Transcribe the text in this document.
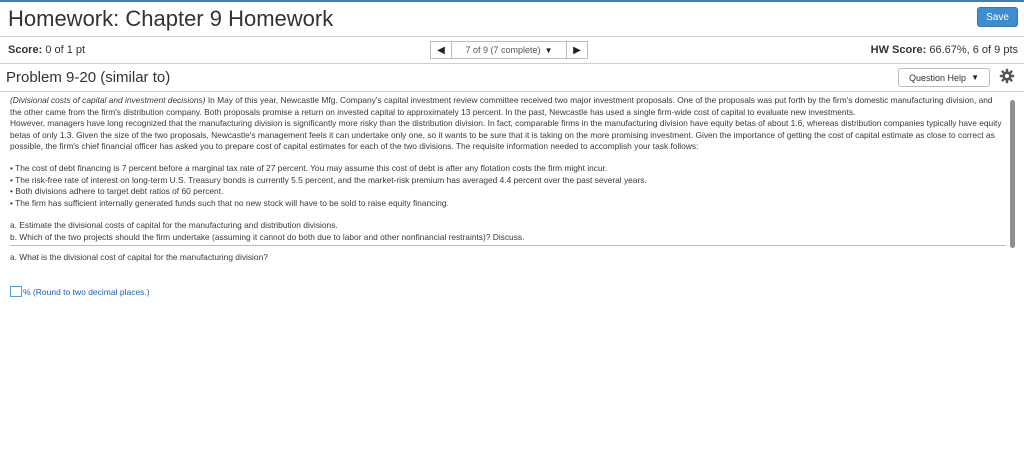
Homework: Chapter 9 Homework	Save
Score: 0 of 1 pt	◀ 7 of 9 (7 complete) ▼ ▶	HW Score: 66.67%, 6 of 9 pts
Problem 9-20 (similar to)	Question Help ▼

(Divisional costs of capital and investment decisions) In May of this year, Newcastle Mfg. Company's capital investment review committee received two major investment proposals. One of the proposals was put forth by the firm's domestic manufacturing division, and the other came from the firm's distribution company. Both proposals promise a return on invested capital to approximately 13 percent. In the past, Newcastle has used a single firm-wide cost of capital to evaluate new investments.

However, managers have long recognized that the manufacturing division is significantly more risky than the distribution division. In fact, comparable firms in the manufacturing division have equity betas of about 1.6, whereas distribution companies typically have equity betas of only 1.3. Given the size of the two proposals, Newcastle's management feels it can undertake only one, so it wants to be sure that it is taking on the more promising investment. Given the importance of getting the cost of capital estimate as close to correct as possible, the firm's chief financial officer has asked you to prepare cost of capital estimates for each of the two divisions. The requisite information needed to accomplish your task follows:

• The cost of debt financing is 7 percent before a marginal tax rate of 27 percent. You may assume this cost of debt is after any flotation costs the firm might incur.
• The risk-free rate of interest on long-term U.S. Treasury bonds is currently 5.5 percent, and the market-risk premium has averaged 4.4 percent over the past several years.
• Both divisions adhere to target debt ratios of 60 percent.
• The firm has sufficient internally generated funds such that no new stock will have to be sold to raise equity financing.
a. Estimate the divisional costs of capital for the manufacturing and distribution divisions.
b. Which of the two projects should the firm undertake (assuming it cannot do both due to labor and other nonfinancial restraints)? Discuss.
a. What is the divisional cost of capital for the manufacturing division?
% (Round to two decimal places.)
